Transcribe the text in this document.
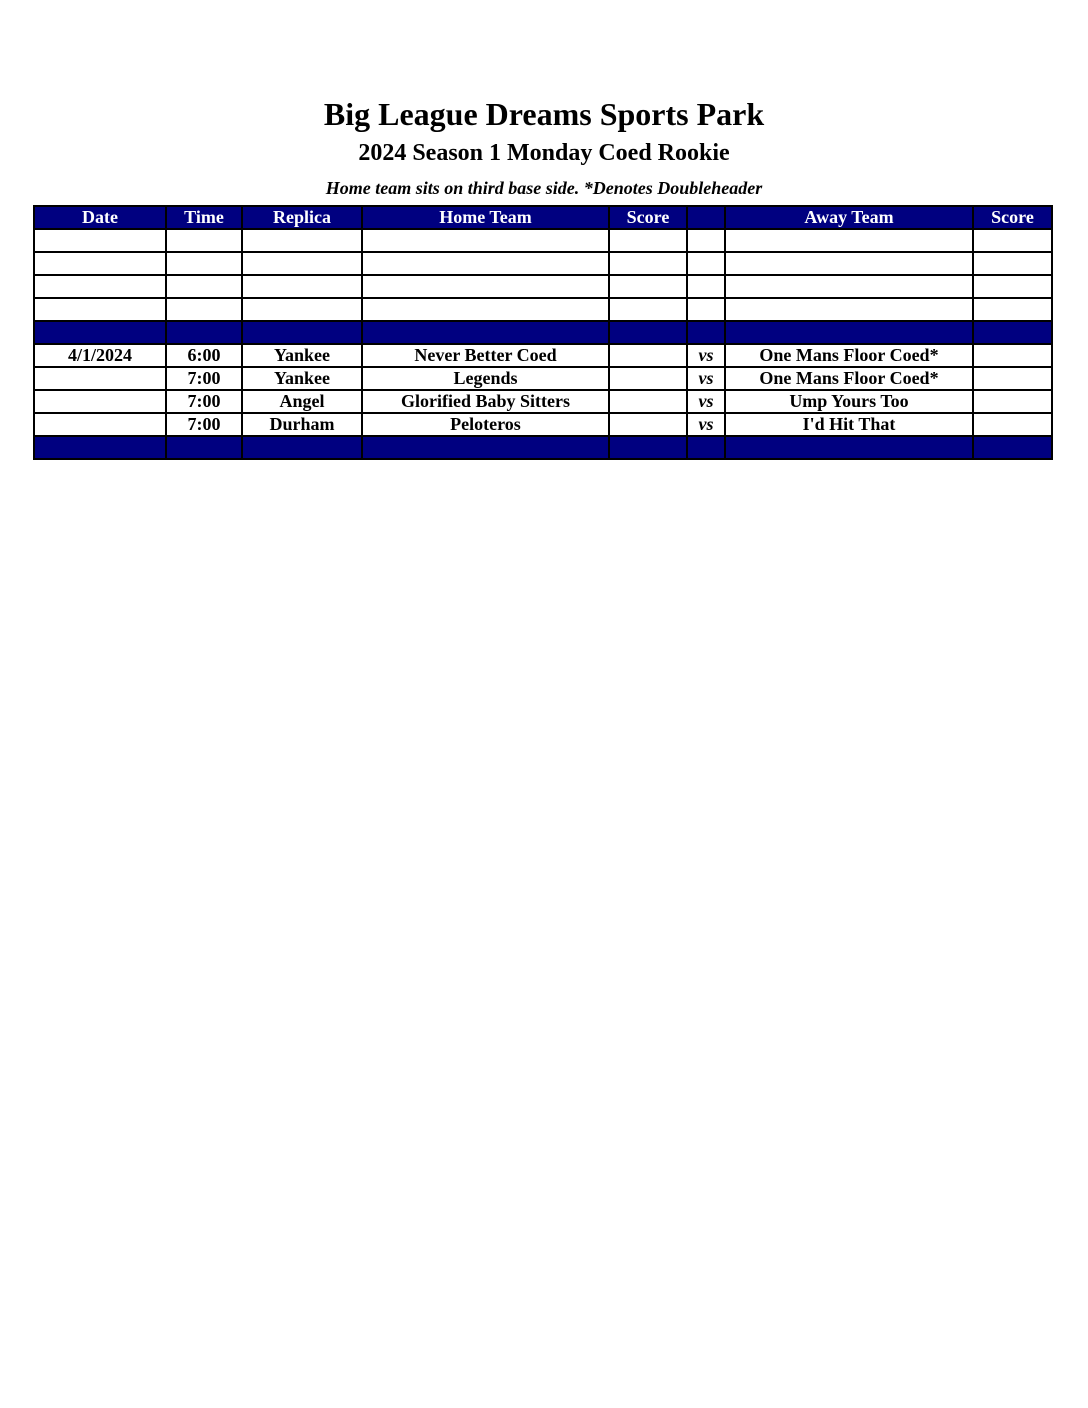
Big League Dreams Sports Park
2024 Season 1 Monday Coed Rookie
Home team sits on third base side. *Denotes Doubleheader
Date	Time	Replica	Home Team	Score		Away Team	Score

4/1/2024	6:00	Yankee	Never Better Coed		vs	One Mans Floor Coed*	
	7:00	Yankee	Legends		vs	One Mans Floor Coed*	
	7:00	Angel	Glorified Baby Sitters		vs	Ump Yours Too	
	7:00	Durham	Peloteros		vs	I'd Hit That	
